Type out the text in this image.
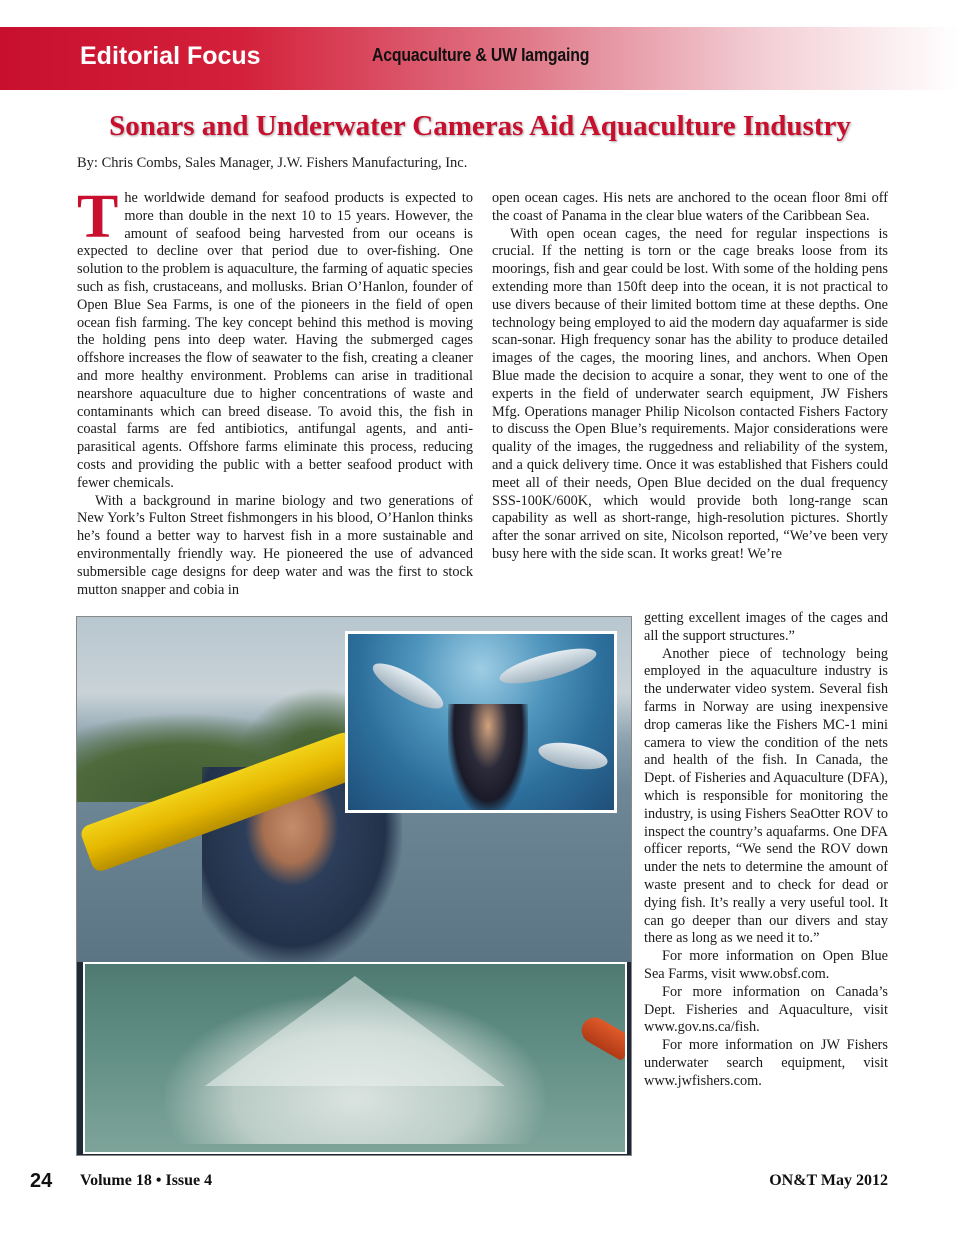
Editorial Focus	Acquaculture & UW Iamgaing
Sonars and Underwater Cameras Aid Aquaculture Industry
By: Chris Combs, Sales Manager, J.W. Fishers Manufacturing, Inc.

The worldwide demand for seafood products is expected to more than double in the next 10 to 15 years. However, the amount of seafood being harvested from our oceans is expected to decline over that period due to over-fishing. One solution to the problem is aquaculture, the farming of aquatic species such as fish, crustaceans, and mollusks. Brian O’Hanlon, founder of Open Blue Sea Farms, is one of the pioneers in the field of open ocean fish farming. The key concept behind this method is moving the holding pens into deep water. Having the submerged cages offshore increases the flow of seawater to the fish, creating a cleaner and more healthy environment. Problems can arise in traditional nearshore aquaculture due to higher concentrations of waste and contaminants which can breed disease. To avoid this, the fish in coastal farms are fed antibiotics, antifungal agents, and anti-parasitical agents. Offshore farms eliminate this process, reducing costs and providing the public with a better seafood product with fewer chemicals.

With a background in marine biology and two generations of New York’s Fulton Street fishmongers in his blood, O’Hanlon thinks he’s found a better way to harvest fish in a more sustainable and environmentally friendly way. He pioneered the use of advanced submersible cage designs for deep water and was the first to stock mutton snapper and cobia in

open ocean cages. His nets are anchored to the ocean floor 8mi off the coast of Panama in the clear blue waters of the Caribbean Sea.

With open ocean cages, the need for regular inspections is crucial. If the netting is torn or the cage breaks loose from its moorings, fish and gear could be lost. With some of the holding pens extending more than 150ft deep into the ocean, it is not practical to use divers because of their limited bottom time at these depths. One technology being employed to aid the modern day aquafarmer is side scan-sonar. High frequency sonar has the ability to produce detailed images of the cages, the mooring lines, and anchors. When Open Blue made the decision to acquire a sonar, they went to one of the experts in the field of underwater search equipment, JW Fishers Mfg. Operations manager Philip Nicolson contacted Fishers Factory to discuss the Open Blue’s requirements. Major considerations were quality of the images, the ruggedness and reliability of the system, and a quick delivery time. Once it was established that Fishers could meet all of their needs, Open Blue decided on the dual frequency SSS-100K/600K, which would provide both long-range scan capability as well as short-range, high-resolution pictures. Shortly after the sonar arrived on site, Nicolson reported, “We’ve been very busy here with the side scan. It works great! We’re

getting excellent images of the cages and all the support structures.”

Another piece of technology being employed in the aquaculture industry is the underwater video system. Several fish farms in Norway are using inexpensive drop cameras like the Fishers MC-1 mini camera to view the condition of the nets and health of the fish. In Canada, the Dept. of Fisheries and Aquaculture (DFA), which is responsible for monitoring the industry, is using Fishers SeaOtter ROV to inspect the country’s aquafarms. One DFA officer reports, “We send the ROV down under the nets to determine the amount of waste present and to check for dead or dying fish. It’s really a very useful tool. It can go deeper than our divers and stay there as long as we need it to.”

For more information on Open Blue Sea Farms, visit www.obsf.com.

For more information on Canada’s Dept. Fisheries and Aquaculture, visit www.gov.ns.ca/fish.

For more information on JW Fishers underwater search equipment, visit www.jwfishers.com.

24 Volume 18 • Issue 4	ON&T May 2012
